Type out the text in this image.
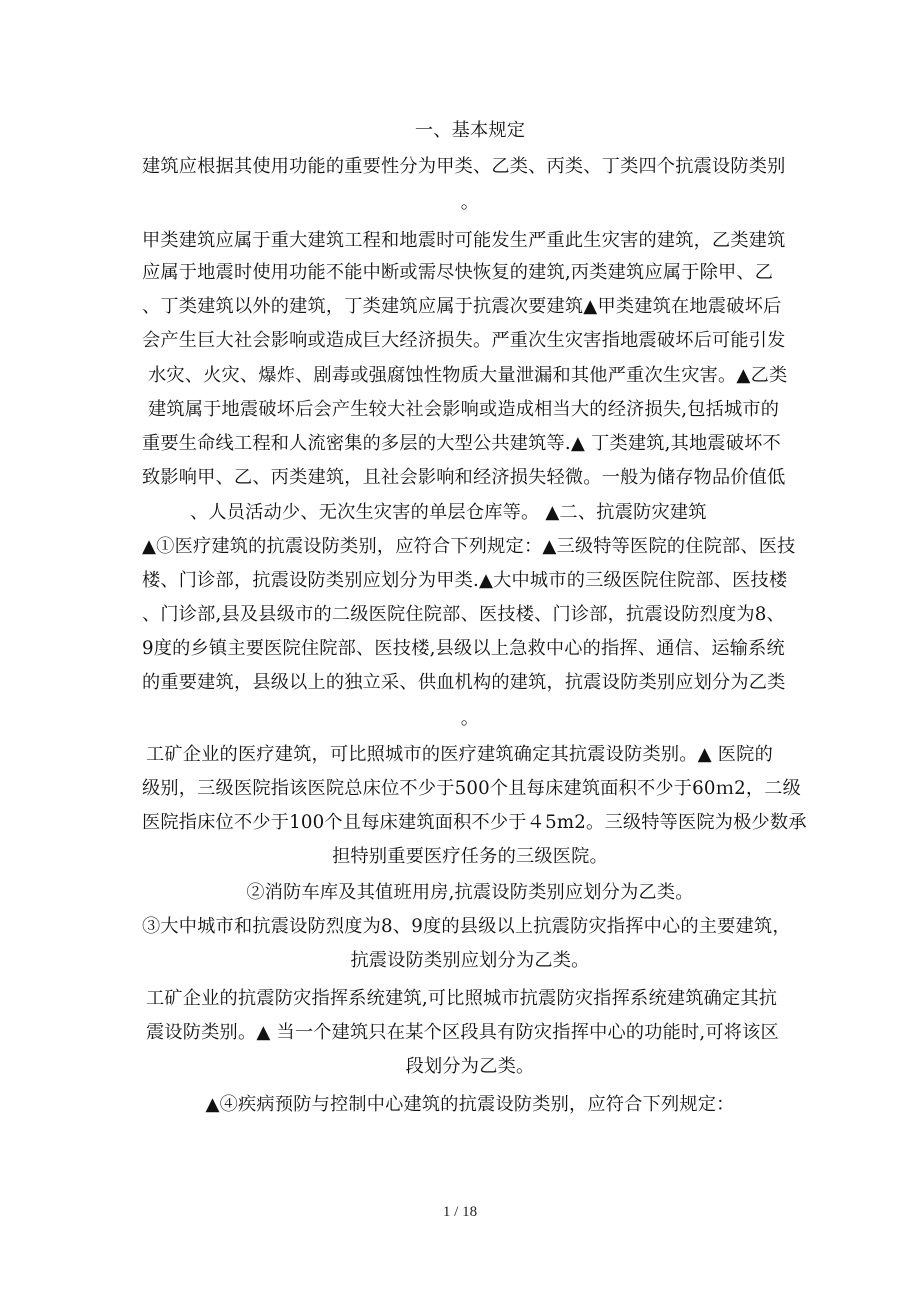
一、基本规定
建筑应根据其使用功能的重要性分为甲类、乙类、丙类、丁类四个抗震设防类别
。
甲类建筑应属于重大建筑工程和地震时可能发生严重此生灾害的建筑，乙类建筑
应属于地震时使用功能不能中断或需尽快恢复的建筑,丙类建筑应属于除甲、乙
、丁类建筑以外的建筑，丁类建筑应属于抗震次要建筑▲甲类建筑在地震破坏后
会产生巨大社会影响或造成巨大经济损失。严重次生灾害指地震破坏后可能引发
水灾、火灾、爆炸、剧毒或强腐蚀性物质大量泄漏和其他严重次生灾害。▲乙类
建筑属于地震破坏后会产生较大社会影响或造成相当大的经济损失,包括城市的
重要生命线工程和人流密集的多层的大型公共建筑等.▲ 丁类建筑,其地震破坏不
致影响甲、乙、丙类建筑，且社会影响和经济损失轻微。一般为储存物品价值低
、人员活动少、无次生灾害的单层仓库等。 ▲二、抗震防灾建筑
▲①医疗建筑的抗震设防类别，应符合下列规定：▲三级特等医院的住院部、医技
楼、门诊部，抗震设防类别应划分为甲类.▲大中城市的三级医院住院部、医技楼
、门诊部,县及县级市的二级医院住院部、医技楼、门诊部，抗震设防烈度为8、
9度的乡镇主要医院住院部、医技楼,县级以上急救中心的指挥、通信、运输系统
的重要建筑，县级以上的独立采、供血机构的建筑，抗震设防类别应划分为乙类
。
工矿企业的医疗建筑，可比照城市的医疗建筑确定其抗震设防类别。▲ 医院的
级别，三级医院指该医院总床位不少于500个且每床建筑面积不少于60ｍ2，二级
医院指床位不少于100个且每床建筑面积不少于４5m2。三级特等医院为极少数承
担特别重要医疗任务的三级医院。
②消防车库及其值班用房,抗震设防类别应划分为乙类。
③大中城市和抗震设防烈度为8、9度的县级以上抗震防灾指挥中心的主要建筑，
抗震设防类别应划分为乙类。
工矿企业的抗震防灾指挥系统建筑,可比照城市抗震防灾指挥系统建筑确定其抗
震设防类别。▲ 当一个建筑只在某个区段具有防灾指挥中心的功能时,可将该区
段划分为乙类。
▲④疾病预防与控制中心建筑的抗震设防类别，应符合下列规定：
1 / 18
